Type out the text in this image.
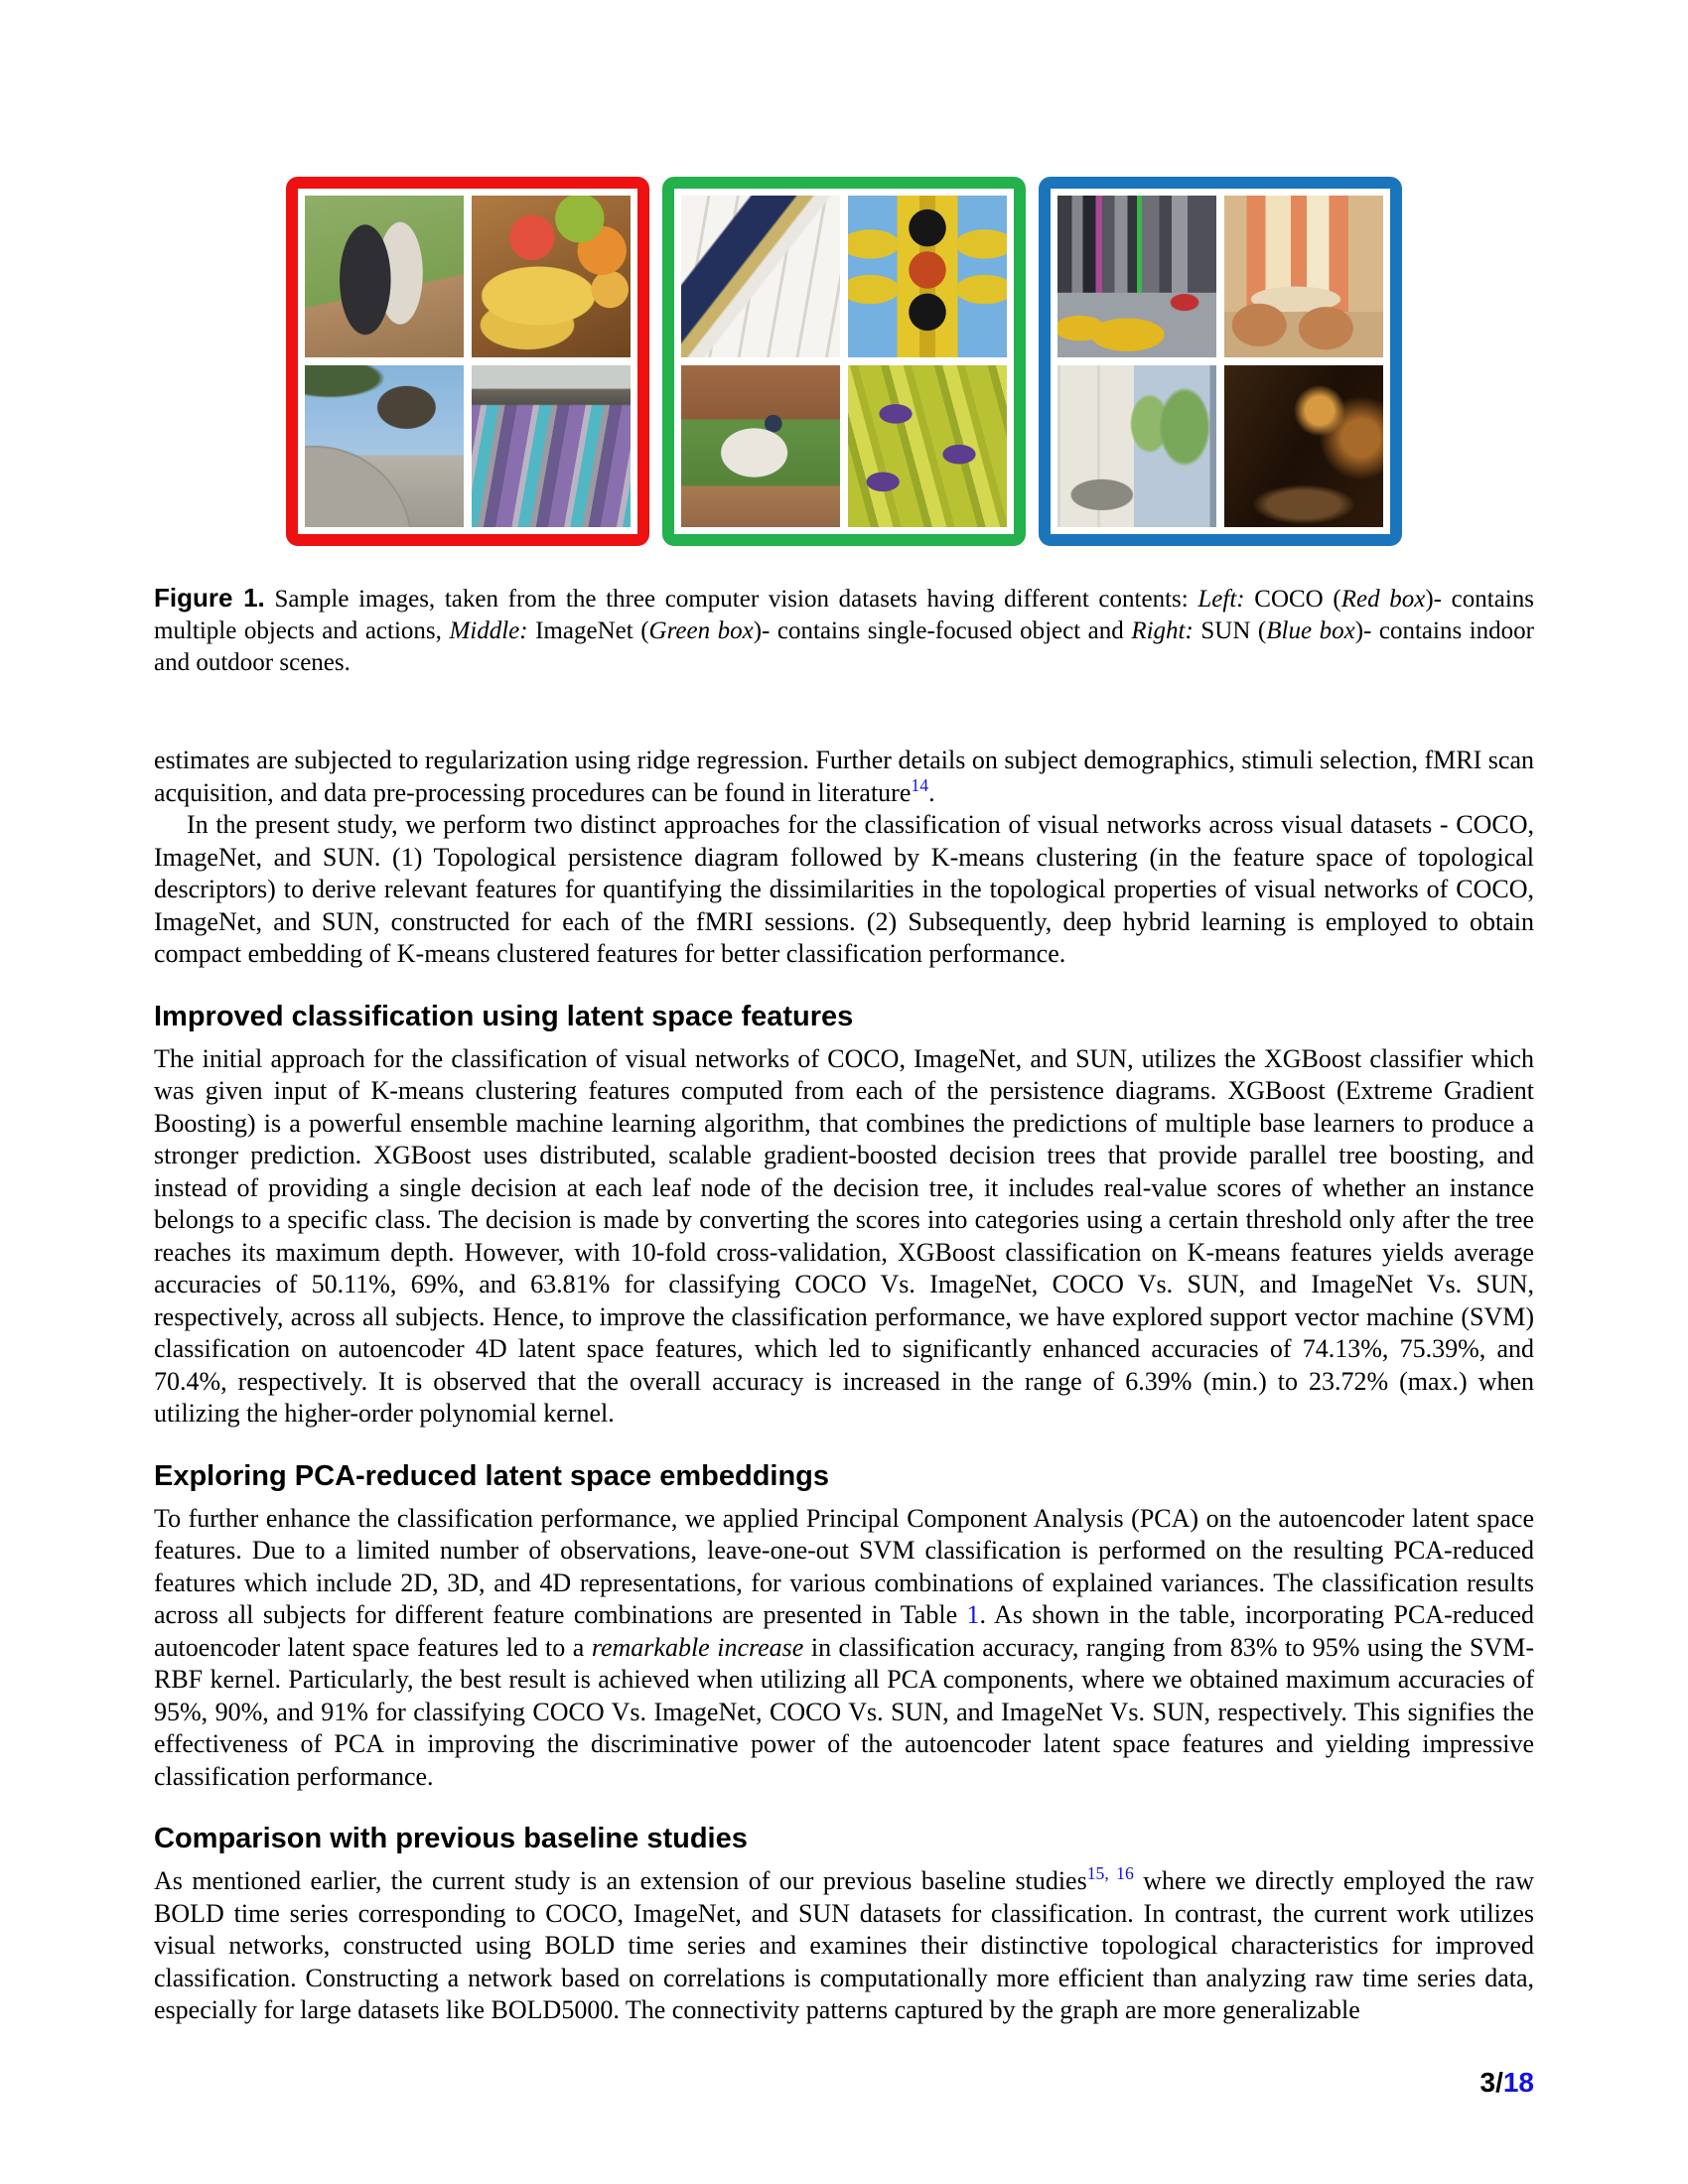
Figure 1. Sample images, taken from the three computer vision datasets having different contents: Left: COCO (Red box)- contains multiple objects and actions, Middle: ImageNet (Green box)- contains single-focused object and Right: SUN (Blue box)- contains indoor and outdoor scenes.

estimates are subjected to regularization using ridge regression. Further details on subject demographics, stimuli selection, fMRI scan acquisition, and data pre-processing procedures can be found in literature$^{14}$.

In the present study, we perform two distinct approaches for the classification of visual networks across visual datasets - COCO, ImageNet, and SUN. (1) Topological persistence diagram followed by K-means clustering (in the feature space of topological descriptors) to derive relevant features for quantifying the dissimilarities in the topological properties of visual networks of COCO, ImageNet, and SUN, constructed for each of the fMRI sessions. (2) Subsequently, deep hybrid learning is employed to obtain compact embedding of K-means clustered features for better classification performance.

Improved classification using latent space features

The initial approach for the classification of visual networks of COCO, ImageNet, and SUN, utilizes the XGBoost classifier which was given input of K-means clustering features computed from each of the persistence diagrams. XGBoost (Extreme Gradient Boosting) is a powerful ensemble machine learning algorithm, that combines the predictions of multiple base learners to produce a stronger prediction. XGBoost uses distributed, scalable gradient-boosted decision trees that provide parallel tree boosting, and instead of providing a single decision at each leaf node of the decision tree, it includes real-value scores of whether an instance belongs to a specific class. The decision is made by converting the scores into categories using a certain threshold only after the tree reaches its maximum depth. However, with 10-fold cross-validation, XGBoost classification on K-means features yields average accuracies of 50.11%, 69%, and 63.81% for classifying COCO Vs. ImageNet, COCO Vs. SUN, and ImageNet Vs. SUN, respectively, across all subjects. Hence, to improve the classification performance, we have explored support vector machine (SVM) classification on autoencoder 4D latent space features, which led to significantly enhanced accuracies of 74.13%, 75.39%, and 70.4%, respectively. It is observed that the overall accuracy is increased in the range of 6.39% (min.) to 23.72% (max.) when utilizing the higher-order polynomial kernel.

Exploring PCA-reduced latent space embeddings

To further enhance the classification performance, we applied Principal Component Analysis (PCA) on the autoencoder latent space features. Due to a limited number of observations, leave-one-out SVM classification is performed on the resulting PCA-reduced features which include 2D, 3D, and 4D representations, for various combinations of explained variances. The classification results across all subjects for different feature combinations are presented in Table 1. As shown in the table, incorporating PCA-reduced autoencoder latent space features led to a remarkable increase in classification accuracy, ranging from 83% to 95% using the SVM-RBF kernel. Particularly, the best result is achieved when utilizing all PCA components, where we obtained maximum accuracies of 95%, 90%, and 91% for classifying COCO Vs. ImageNet, COCO Vs. SUN, and ImageNet Vs. SUN, respectively. This signifies the effectiveness of PCA in improving the discriminative power of the autoencoder latent space features and yielding impressive classification performance.

Comparison with previous baseline studies

As mentioned earlier, the current study is an extension of our previous baseline studies$^{15, 16}$ where we directly employed the raw BOLD time series corresponding to COCO, ImageNet, and SUN datasets for classification. In contrast, the current work utilizes visual networks, constructed using BOLD time series and examines their distinctive topological characteristics for improved classification. Constructing a network based on correlations is computationally more efficient than analyzing raw time series data, especially for large datasets like BOLD5000. The connectivity patterns captured by the graph are more generalizable

3/18
